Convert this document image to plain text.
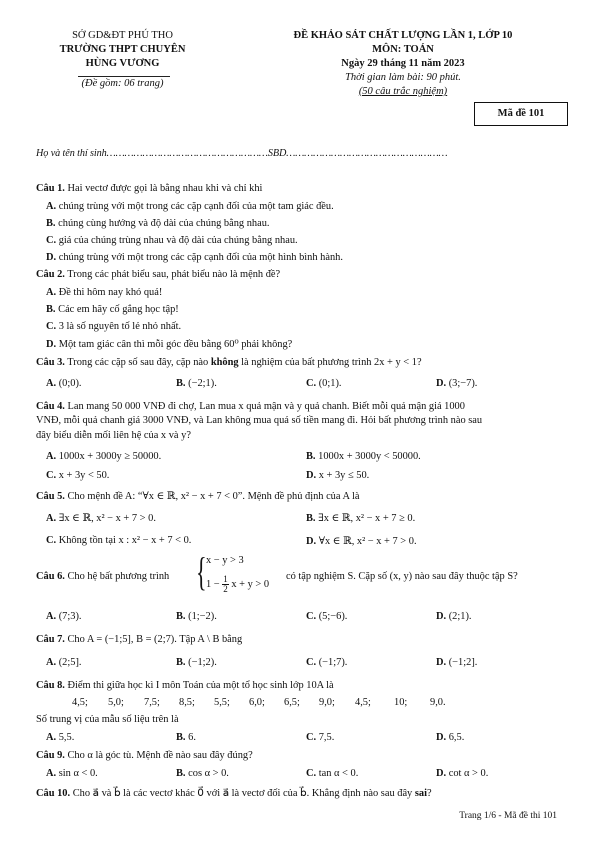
SỞ GD&ĐT PHÚ THO
TRƯỜNG THPT CHUYÊN
HÙNG VƯƠNG
(Đề gồm: 06 trang)
ĐỀ KHẢO SÁT CHẤT LƯỢNG LẦN 1, LỚP 10
MÔN: TOÁN
Ngày 29 tháng 11 năm 2023
Thời gian làm bài: 90 phút.
(50 câu trắc nghiệm)
Mã đề 101
Họ và tên thí sinh………………………………………………SBD………………………………………………
Câu 1. Hai vectơ được gọi là bằng nhau khi và chỉ khi
A. chúng trùng với một trong các cặp cạnh đối của một tam giác đều.
B. chúng cùng hướng và độ dài của chúng bằng nhau.
C. giá của chúng trùng nhau và độ dài của chúng bằng nhau.
D. chúng trùng với một trong các cặp cạnh đối của một hình bình hành.
Câu 2. Trong các phát biểu sau, phát biểu nào là mệnh đề?
A. Đề thi hôm nay khó quá!
B. Các em hãy cố gắng học tập!
C. 3 là số nguyên tố lẻ nhỏ nhất.
D. Một tam giác cân thì mỗi góc đều bằng 60⁰ phải không?
Câu 3. Trong các cặp số sau đây, cặp nào không là nghiệm của bất phương trình 2x + y < 1?
A. (0;0).	B. (−2;1).	C. (0;1).	D. (3;−7).
Câu 4. Lan mang 50 000 VNĐ đi chợ, Lan mua x quả mận và y quả chanh. Biết mỗi quả mận giá 1000
VNĐ, mỗi quả chanh giá 3000 VNĐ, và Lan không mua quá số tiền mang đi. Hỏi bất phương trình nào sau
đây biểu diễn mối liên hệ của x và y?
A. 1000x + 3000y ≥ 50000.	B. 1000x + 3000y < 50000.
C. x + 3y < 50.	D. x + 3y ≤ 50.
Câu 5. Cho mệnh đề A: “∀x ∈ ℝ, x² − x + 7 < 0”. Mệnh đề phủ định của A là
A. ∃x ∈ ℝ, x² − x + 7 > 0.	B. ∃x ∈ ℝ, x² − x + 7 ≥ 0.
C. Không tồn tại x : x² − x + 7 < 0.	D. ∀x ∈ ℝ, x² − x + 7 > 0.
Câu 6. Cho hệ bất phương trình { x − y > 3
$1 - \frac{1}{2}$ x + y > 0
có tập nghiệm S. Cặp số (x, y) nào sau đây thuộc tập S?
A. (7;3).	B. (1;−2).	C. (5;−6).	D. (2;1).
Câu 7. Cho A = (−1;5], B = (2;7). Tập A \ B bằng
A. (2;5].	B. (−1;2).	C. (−1;7).	D. (−1;2].
Câu 8. Điểm thi giữa học kì I môn Toán của một tổ học sinh lớp 10A là
4,5; 5,0; 7,5; 8,5; 5,5; 6,0; 6,5; 9,0; 4,5; 10; 9,0.
Số trung vị của mẫu số liệu trên là
A. 5,5.	B. 6.	C. 7,5.	D. 6,5.
Câu 9. Cho α là góc tù. Mệnh đề nào sau đây đúng?
A. sin α < 0.	B. cos α > 0.	C. tan α < 0.	D. cot α > 0.
Câu 10. Cho a⃗ và b⃗ là các vectơ khác 0⃗ với a⃗ là vectơ đối của b⃗. Khẳng định nào sau đây sai?
Trang 1/6 - Mã đề thi 101
